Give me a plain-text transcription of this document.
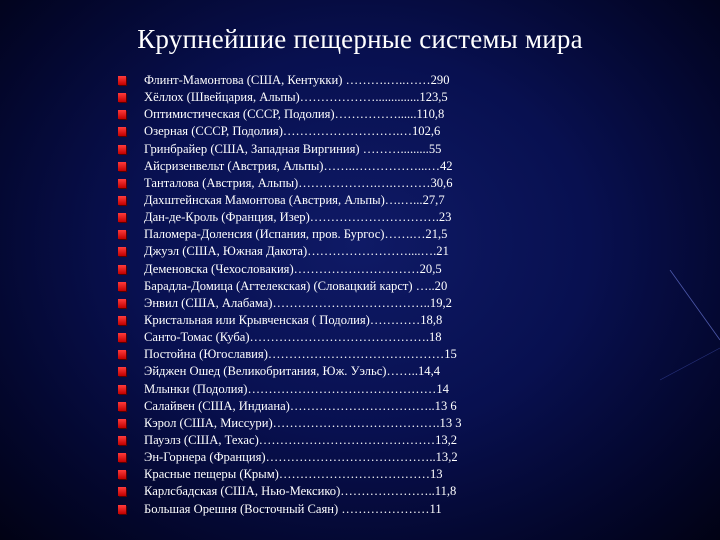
Крупнейшие пещерные системы мира
Флинт-Мамонтова (США, Кентукки) ……….…..……290
Хёллох (Швейцария, Альпы)………………..............123,5
Оптимистическая (СССР, Подолия)……………......110,8
Озерная (СССР, Подолия)……………………….…102,6
Гринбрайер (США, Западная Виргиния) ……….........55
Айсризенвельт (Австрия, Альпы)……..……………...…42
Танталова (Австрия, Альпы)……………….….………30,6
Дахштейнская Мамонтова (Австрия, Альпы)….…...27,7
Дан-де-Кроль (Франция, Изер)………………………….23
Паломера-Доленсия (Испания, пров. Бургос)…….…21,5
Джуэл (США, Южная Дакота)……………………....….21
Деменовска (Чехословакия)…………………………20,5
Барадла-Домица (Агтелекская) (Словацкий карст) …..20
Энвил (США, Алабама)………………………………..19,2
Кристальная или Крывченская ( Подолия)…………18,8
Санто-Томас (Куба)…………………………………….18
Постойна (Югославия)……………………………………15
Эйджен Ошед (Великобритания, Юж. Уэльс)……..14,4
Млынки (Подолия)………………………………………14
Салайвен (США, Индиана)……………………………..13 6
Кэрол (США, Миссури)………………………………….13 3
Пауэлз (США, Техас)……………………………………13,2
Эн-Горнера (Франция)…………………………………..13,2
Красные пещеры (Крым)………………………………13
Карлсбадская (США, Нью-Мексико)…………………..11,8
Большая Орешня (Восточный Саян) …………………11
